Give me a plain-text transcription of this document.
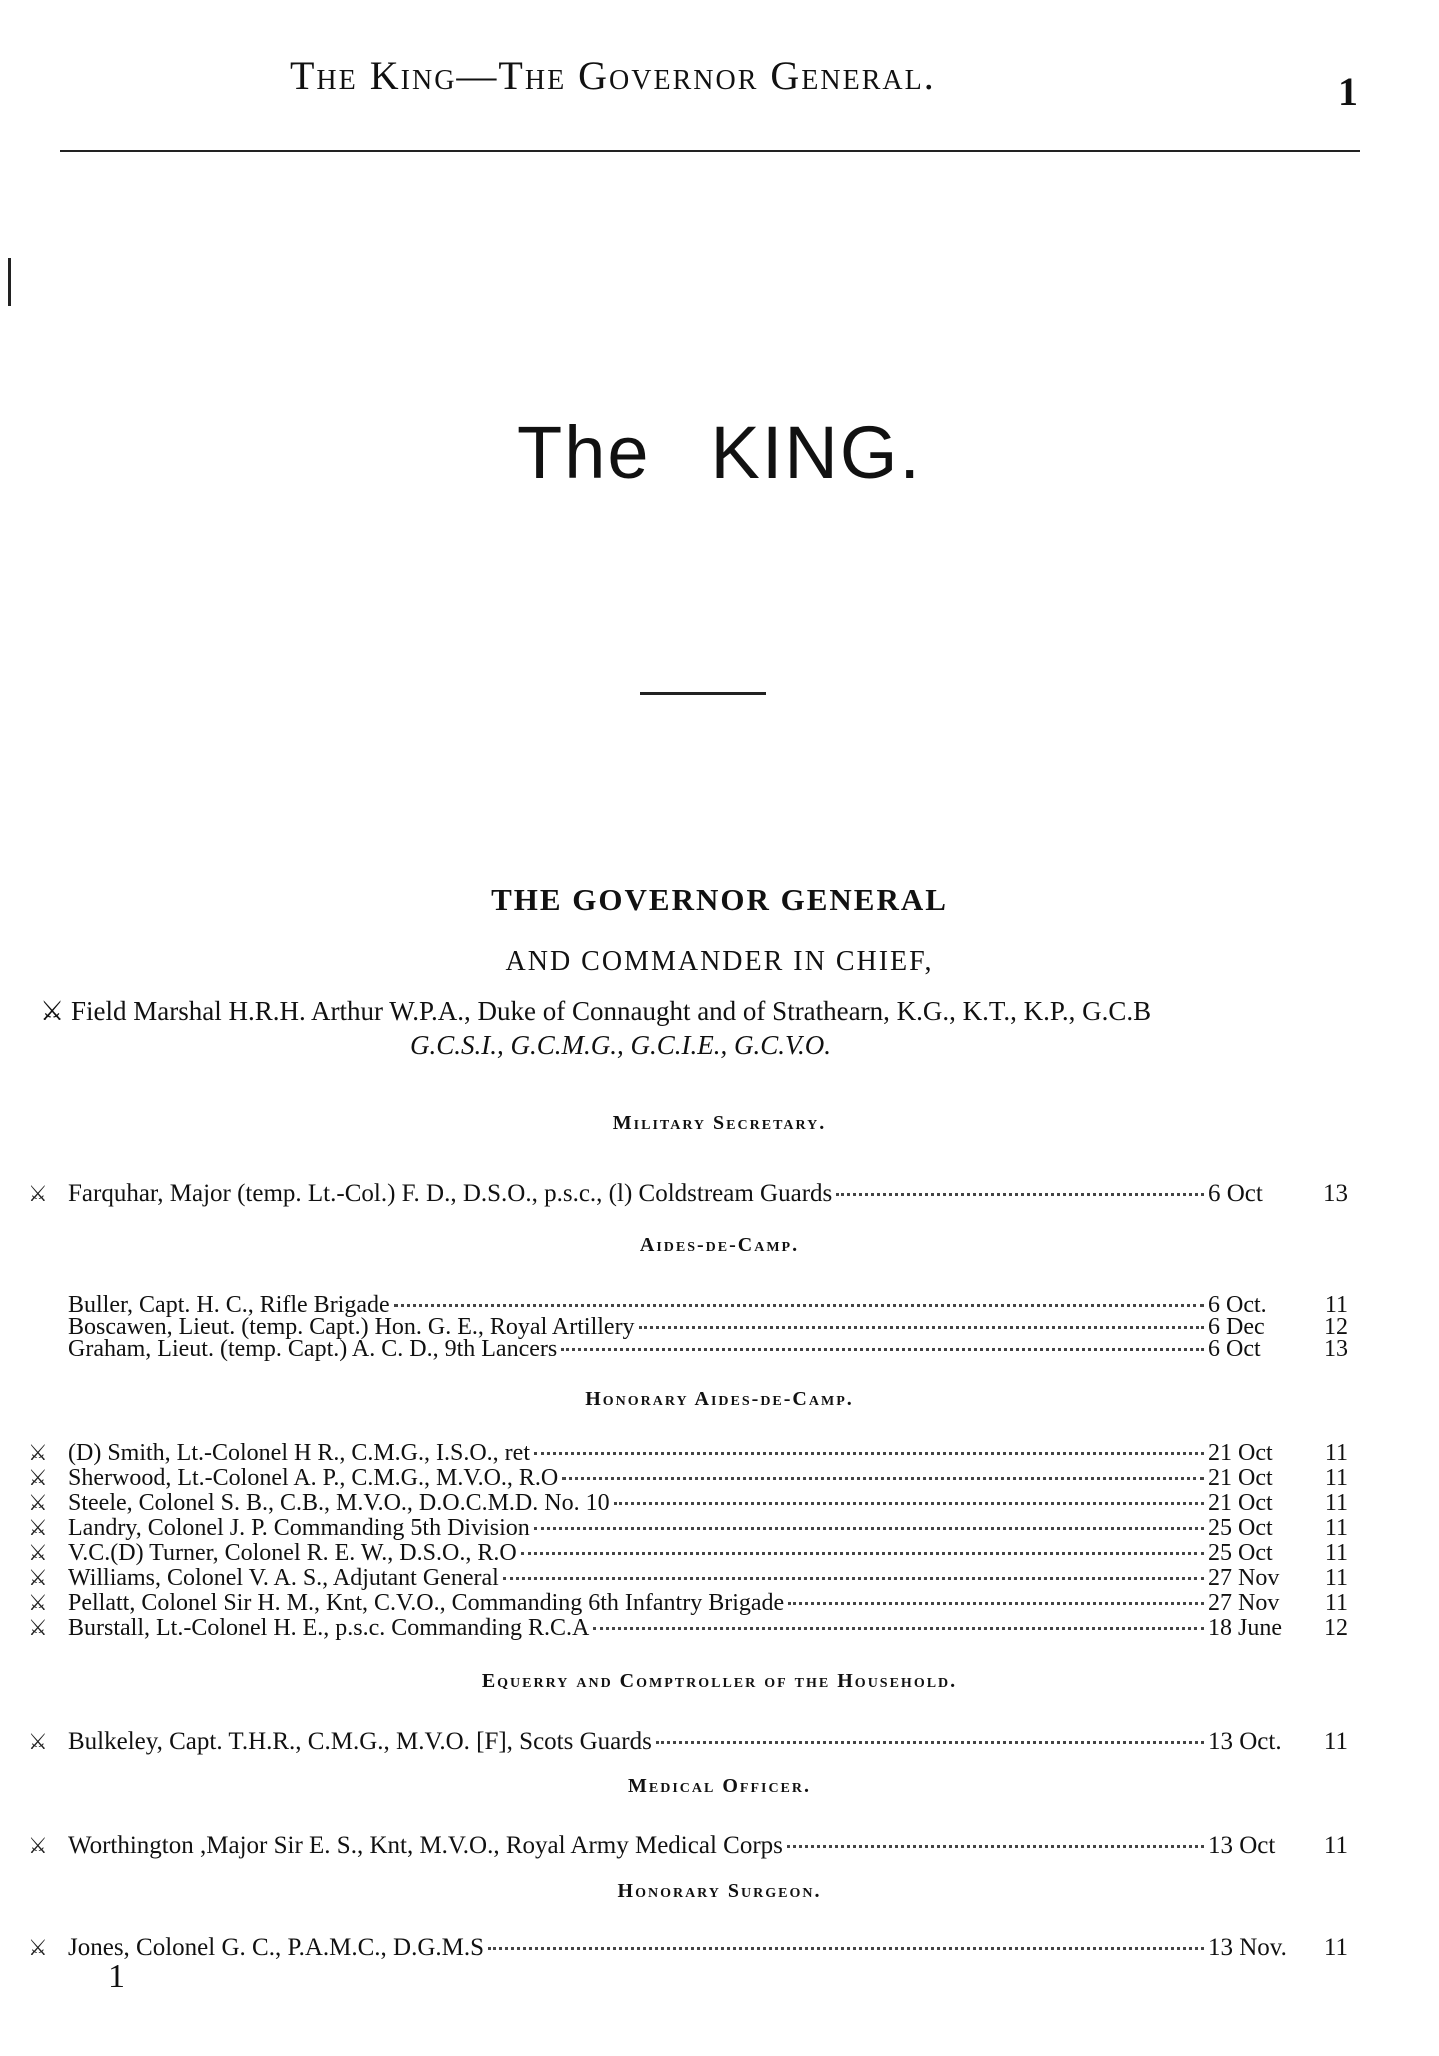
The King—The Governor General.	1
The KING.
THE GOVERNOR GENERAL
AND COMMANDER IN CHIEF,
⚔ Field Marshal H.R.H. Arthur W.P.A., Duke of Connaught and of Strathearn, K.G., K.T., K.P., G.C.B
G.C.S.I., G.C.M.G., G.C.I.E., G.C.V.O.
Military Secretary.
⚔ Farquhar, Major (temp. Lt.-Col.) F. D., D.S.O., p.s.c., (l) Coldstream Guards	6 Oct	13
Aides-de-Camp.
Buller, Capt. H. C., Rifle Brigade	6 Oct.	11
Boscawen, Lieut. (temp. Capt.) Hon. G. E., Royal Artillery	6 Dec	12
Graham, Lieut. (temp. Capt.) A. C. D., 9th Lancers	6 Oct	13
Honorary Aides-de-Camp.
⚔ (D) Smith, Lt.-Colonel H R., C.M.G., I.S.O., ret	21 Oct	11
⚔ Sherwood, Lt.-Colonel A. P., C.M.G., M.V.O., R.O	21 Oct	11
⚔ Steele, Colonel S. B., C.B., M.V.O., D.O.C.M.D. No. 10	21 Oct	11
⚔ Landry, Colonel J. P. Commanding 5th Division	25 Oct	11
⚔ V.C.(D) Turner, Colonel R. E. W., D.S.O., R.O	25 Oct	11
⚔ Williams, Colonel V. A. S., Adjutant General	27 Nov	11
⚔ Pellatt, Colonel Sir H. M., Knt, C.V.O., Commanding 6th Infantry Brigade	27 Nov	11
⚔ Burstall, Lt.-Colonel H. E., p.s.c. Commanding R.C.A	18 June	12
Equerry and Comptroller of the Household.
⚔ Bulkeley, Capt. T.H.R., C.M.G., M.V.O. [F], Scots Guards	13 Oct.	11
Medical Officer.
⚔ Worthington ,Major Sir E. S., Knt, M.V.O., Royal Army Medical Corps	13 Oct	11
Honorary Surgeon.
⚔ Jones, Colonel G. C., P.A.M.C., D.G.M.S	13 Nov.	11
1
